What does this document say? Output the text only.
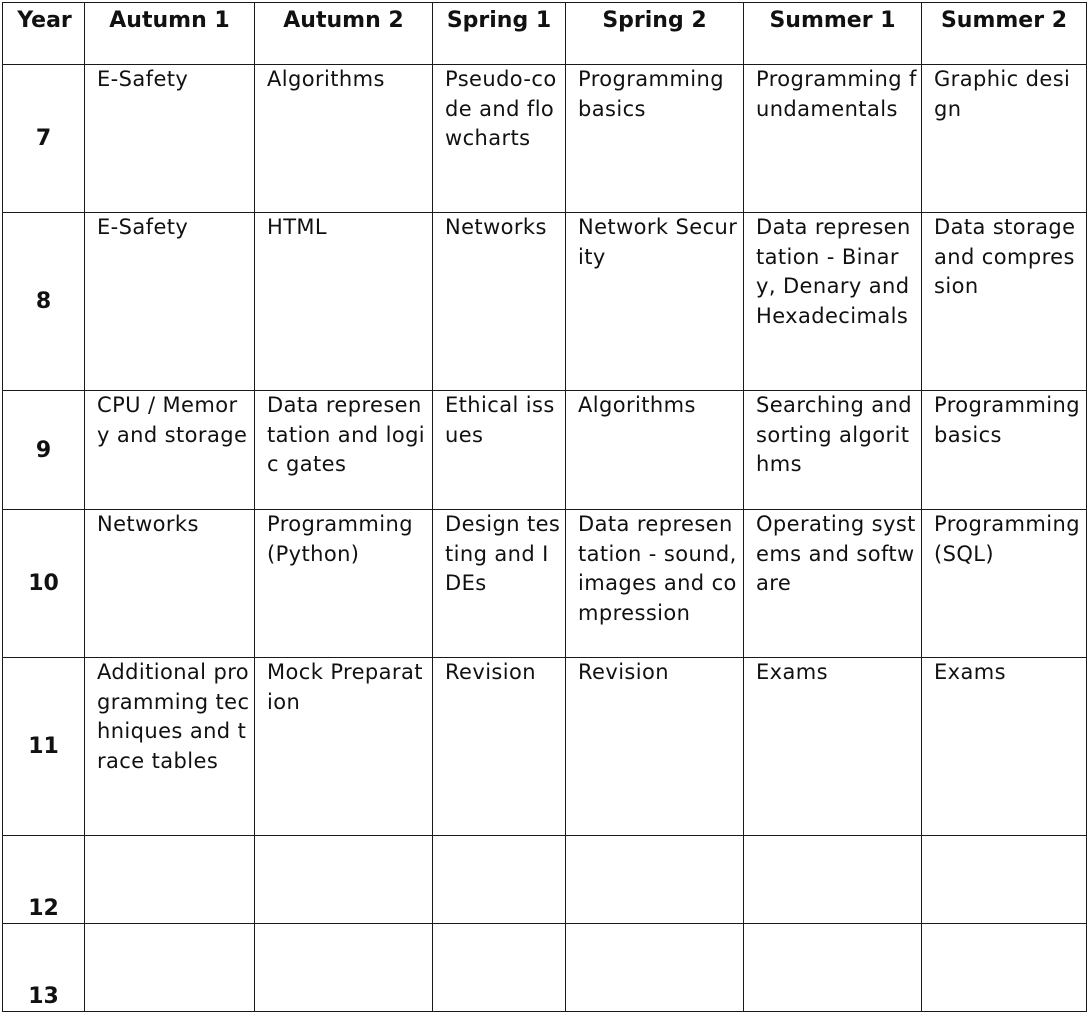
Year	Autumn 1	Autumn 2	Spring 1	Spring 2	Summer 1	Summer 2
7	E-Safety	Algorithms	Pseudo-code and flowcharts	Programming basics	Programming fundamentals	Graphic design
8	E-Safety	HTML	Networks	Network Security	Data representation - Binary, Denary and Hexadecimals	Data storage and compression
9	CPU / Memory and storage	Data representation and logic gates	Ethical issues	Algorithms	Searching and sorting algorithms	Programming basics
10	Networks	Programming (Python)	Design testing and IDEs	Data representation - sound, images and compression	Operating systems and software	Programming (SQL)
11	Additional programming techniques and trace tables	Mock Preparation	Revision	Revision	Exams	Exams
12						
13						
